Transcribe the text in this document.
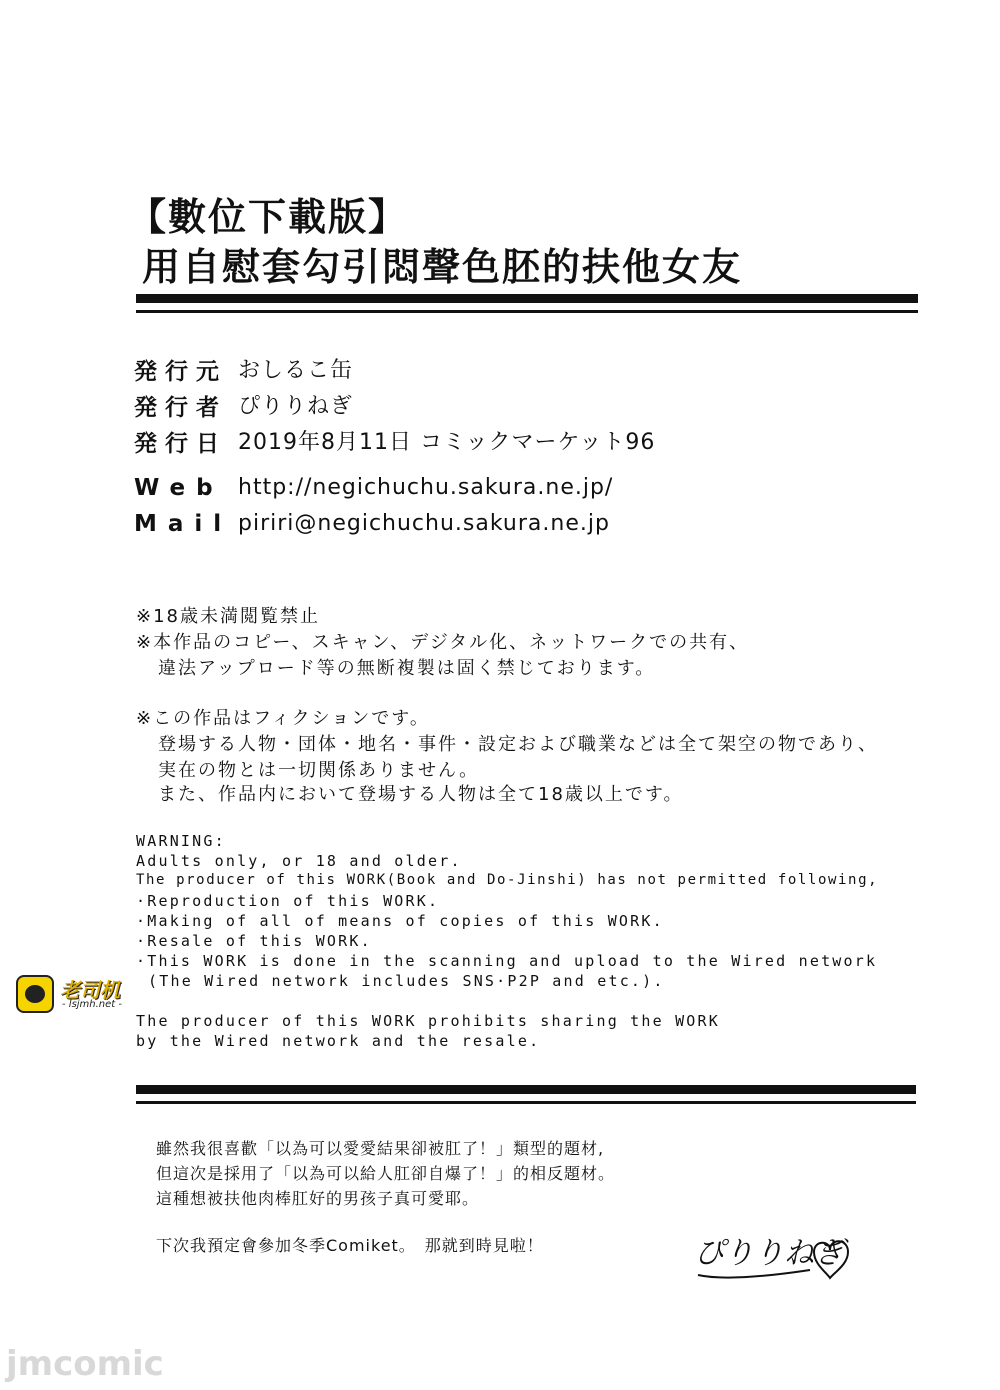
【數位下載版】
用自慰套勾引悶聲色胚的扶他女友
発行元 おしるこ缶
発行者 ぴりりねぎ
発行日 2019年8月11日 コミックマーケット96
Web http://negichuchu.sakura.ne.jp/
Mail piriri@negichuchu.sakura.ne.jp
※18歳未満閲覧禁止
※本作品のコピー、スキャン、デジタル化、ネットワークでの共有、
違法アップロード等の無断複製は固く禁じております。
※この作品はフィクションです。
登場する人物・団体・地名・事件・設定および職業などは全て架空の物であり、
実在の物とは一切関係ありません。
また、作品内において登場する人物は全て18歳以上です。
WARNING:
Adults only, or 18 and older.
The producer of this WORK(Book and Do-Jinshi) has not permitted following,
·Reproduction of this WORK.
·Making of all of means of copies of this WORK.
·Resale of this WORK.
·This WORK is done in the scanning and upload to the Wired network
(The Wired network includes SNS·P2P and etc.).
The producer of this WORK prohibits sharing the WORK
by the Wired network and the resale.
老司机
- lsjmh.net -
雖然我很喜歡「以為可以愛愛結果卻被肛了！」類型的題材,
但這次是採用了「以為可以給人肛卻自爆了！」的相反題材。
這種想被扶他肉棒肛好的男孩子真可愛耶。
下次我預定會參加冬季Comiket。　那就到時見啦！	ぴりりねぎ
jmcomic
